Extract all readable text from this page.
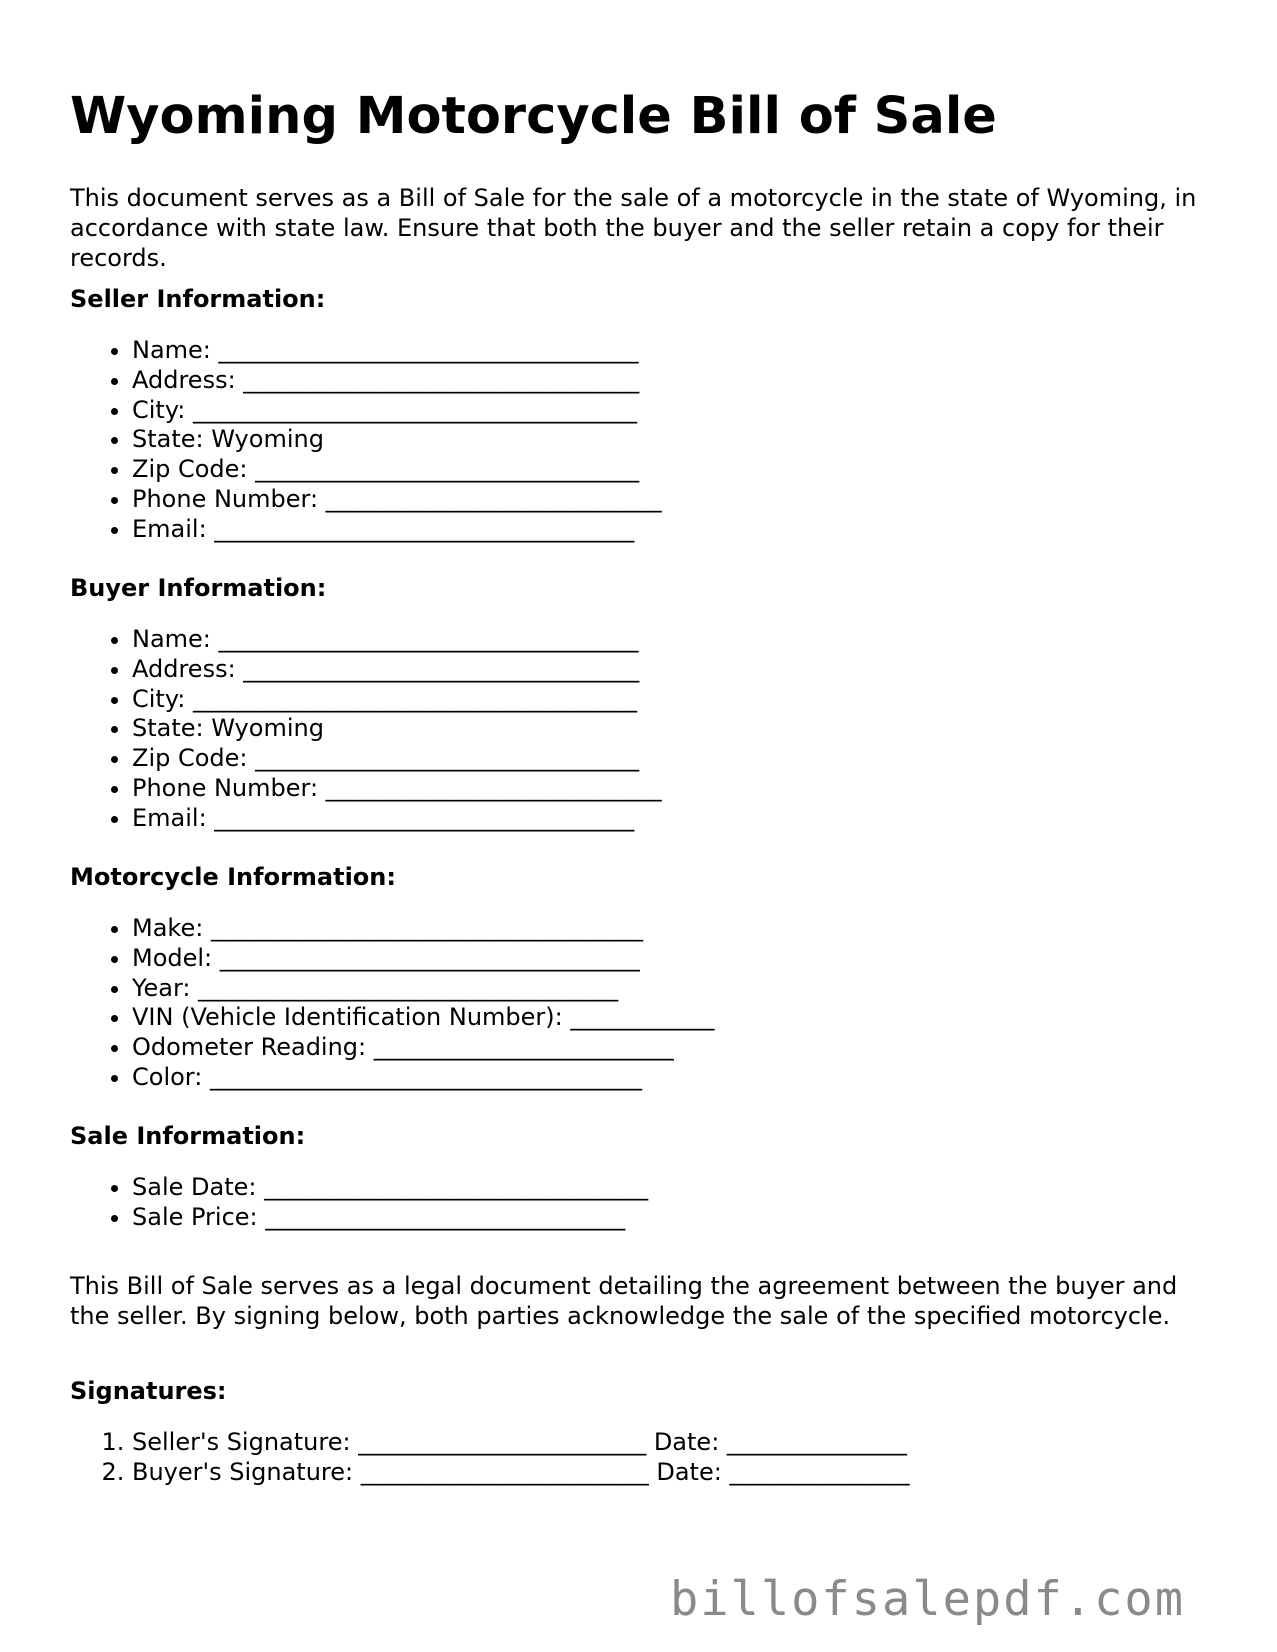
Wyoming Motorcycle Bill of Sale

This document serves as a Bill of Sale for the sale of a motorcycle in the state of Wyoming, in accordance with state law. Ensure that both the buyer and the seller retain a copy for their records.

Seller Information:
• Name: ___________________________________
• Address: _________________________________
• City: _____________________________________
• State: Wyoming
• Zip Code: ________________________________
• Phone Number: ____________________________
• Email: ___________________________________
Buyer Information:
• Name: ___________________________________
• Address: _________________________________
• City: _____________________________________
• State: Wyoming
• Zip Code: ________________________________
• Phone Number: ____________________________
• Email: ___________________________________
Motorcycle Information:
• Make: ____________________________________
• Model: ___________________________________
• Year: ___________________________________
• VIN (Vehicle Identification Number): ____________
• Odometer Reading: _________________________
• Color: ____________________________________
Sale Information:
• Sale Date: ________________________________
• Sale Price: ______________________________

This Bill of Sale serves as a legal document detailing the agreement between the buyer and the seller. By signing below, both parties acknowledge the sale of the specified motorcycle.

Signatures:
1. Seller's Signature: ________________________ Date: _______________
2. Buyer's Signature: ________________________ Date: _______________
billofsalepdf.com
